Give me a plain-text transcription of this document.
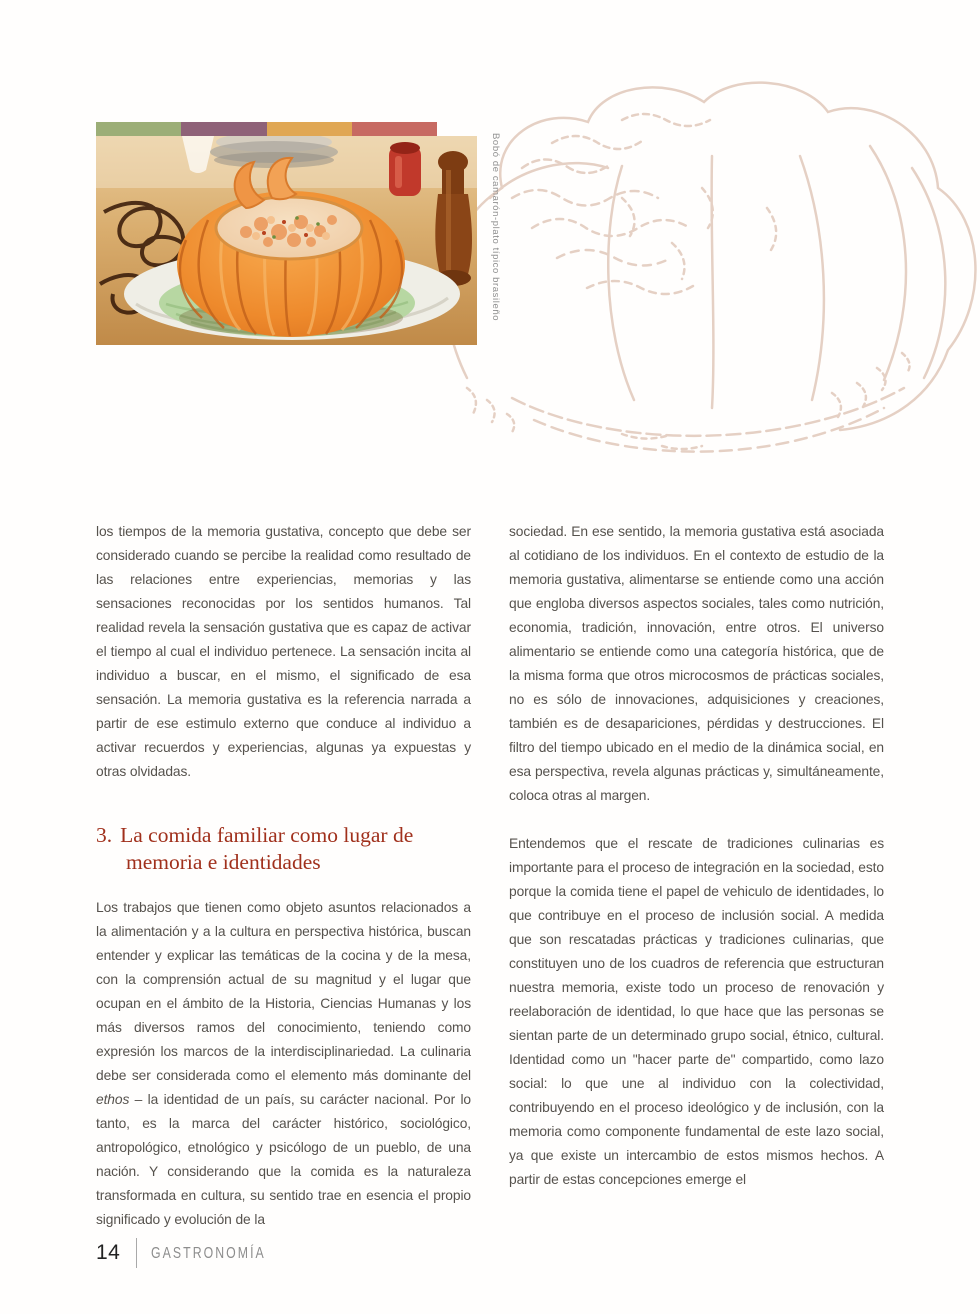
Bobó de camarón-plato típico brasileño

los tiempos de la memoria gustativa, concepto que debe ser considerado cuando se percibe la realidad como resultado de las relaciones entre experiencias, memorias y las sensaciones reconocidas por los sentidos humanos. Tal realidad revela la sensación gustativa que es capaz de activar el tiempo al cual el individuo pertenece. La sensación incita al individuo a buscar, en el mismo, el significado de esa sensación. La memoria gustativa es la referencia narrada a partir de ese estimulo externo que conduce al individuo a activar recuerdos y experiencias, algunas ya expuestas y otras olvidadas.

3. La comida familiar como lugar de memoria e identidades

Los trabajos que tienen como objeto asuntos relacionados a la alimentación y a la cultura en perspectiva histórica, buscan entender y explicar las temáticas de la cocina y de la mesa, con la comprensión actual de su magnitud y el lugar que ocupan en el ámbito de la Historia, Ciencias Humanas y los más diversos ramos del conocimiento, teniendo como expresión los marcos de la interdisciplinariedad. La culinaria debe ser considerada como el elemento más dominante del ethos – la identidad de un país, su carácter nacional. Por lo tanto, es la marca del carácter histórico, sociológico, antropológico, etnológico y psicólogo de un pueblo, de una nación. Y considerando que la comida es la naturaleza transformada en cultura, su sentido trae en esencia el propio significado y evolución de la

sociedad. En ese sentido, la memoria gustativa está asociada al cotidiano de los individuos. En el contexto de estudio de la memoria gustativa, alimentarse se entiende como una acción que engloba diversos aspectos sociales, tales como nutrición, economia, tradición, innovación, entre otros. El universo alimentario se entiende como una categoría histórica, que de la misma forma que otros microcosmos de prácticas sociales, no es sólo de innovaciones, adquisiciones y creaciones, también es de desapariciones, pérdidas y destrucciones. El filtro del tiempo ubicado en el medio de la dinámica social, en esa perspectiva, revela algunas prácticas y, simultáneamente, coloca otras al margen.

Entendemos que el rescate de tradiciones culinarias es importante para el proceso de integración en la sociedad, esto porque la comida tiene el papel de vehiculo de identidades, lo que contribuye en el proceso de inclusión social. A medida que son rescatadas prácticas y tradiciones culinarias, que constituyen uno de los cuadros de referencia que estructuran nuestra memoria, existe todo un proceso de renovación y reelaboración de identidad, lo que hace que las personas se sientan parte de un determinado grupo social, étnico, cultural. Identidad como un "hacer parte de" compartido, como lazo social: lo que une al individuo con la colectividad, contribuyendo en el proceso ideológico y de inclusión, con la memoria como componente fundamental de este lazo social, ya que existe un intercambio de estos mismos hechos. A partir de estas concepciones emerge el

14 GASTRONOMÍA
